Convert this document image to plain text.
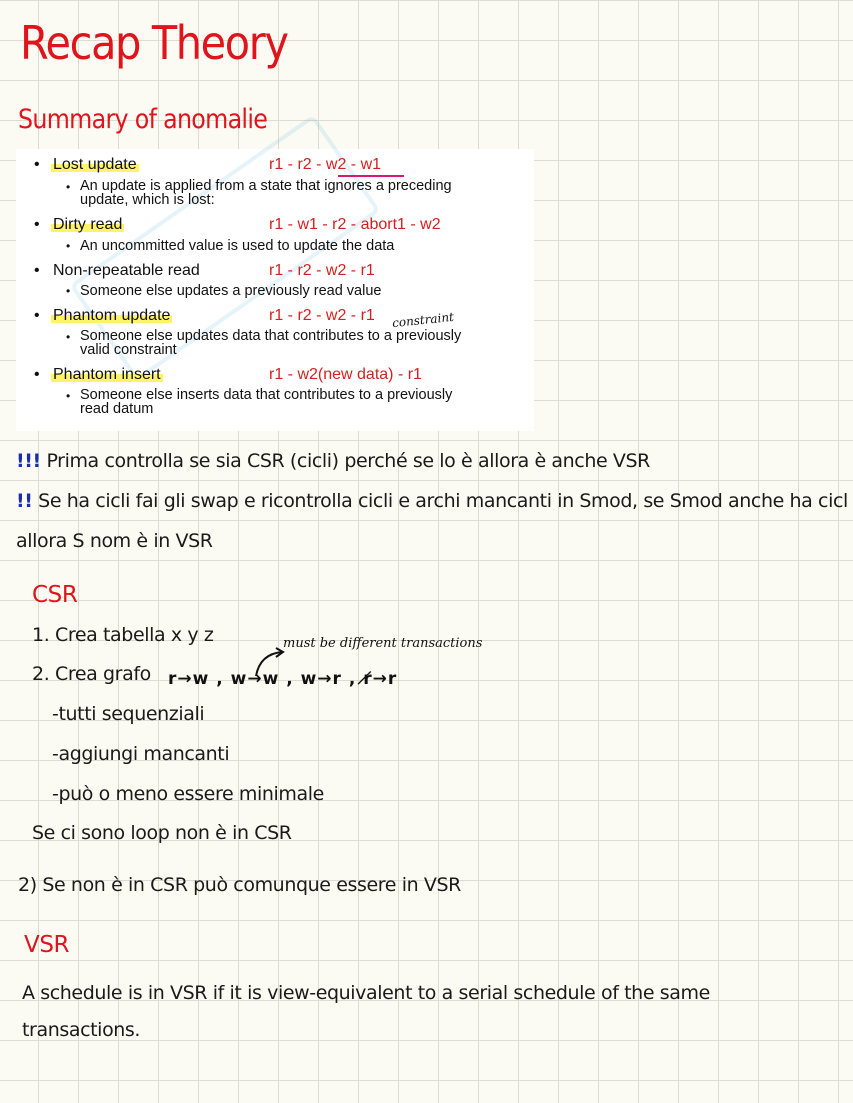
Recap Theory
Summary of anomalie
• Lost update	r1 - r2 - w2 - w1
• An update is applied from a state that ignores a preceding
update, which is lost:
• Dirty read	r1 - w1 - r2 - abort1 - w2
• An uncommitted value is used to update the data
• Non-repeatable read	r1 - r2 - w2 - r1
• Someone else updates a previously read value
• Phantom update	r1 - r2 - w2 - r1 constraint
• Someone else updates data that contributes to a previously
valid constraint
• Phantom insert	r1 - w2(new data) - r1
• Someone else inserts data that contributes to a previously
read datum
!!! Prima controlla se sia CSR (cicli) perché se lo è allora è anche VSR
!! Se ha cicli fai gli swap e ricontrolla cicli e archi mancanti in Smod, se Smod anche ha cicl
allora S nom è in VSR
CSR
1. Crea tabella x y z
2. Crea grafo
must be different transactions
r→w , w→w , w→r , r̸→r
-tutti sequenziali
-aggiungi mancanti
-può o meno essere minimale
Se ci sono loop non è in CSR
2) Se non è in CSR può comunque essere in VSR
VSR
A schedule is in VSR if it is view-equivalent to a serial schedule of the same
transactions.
